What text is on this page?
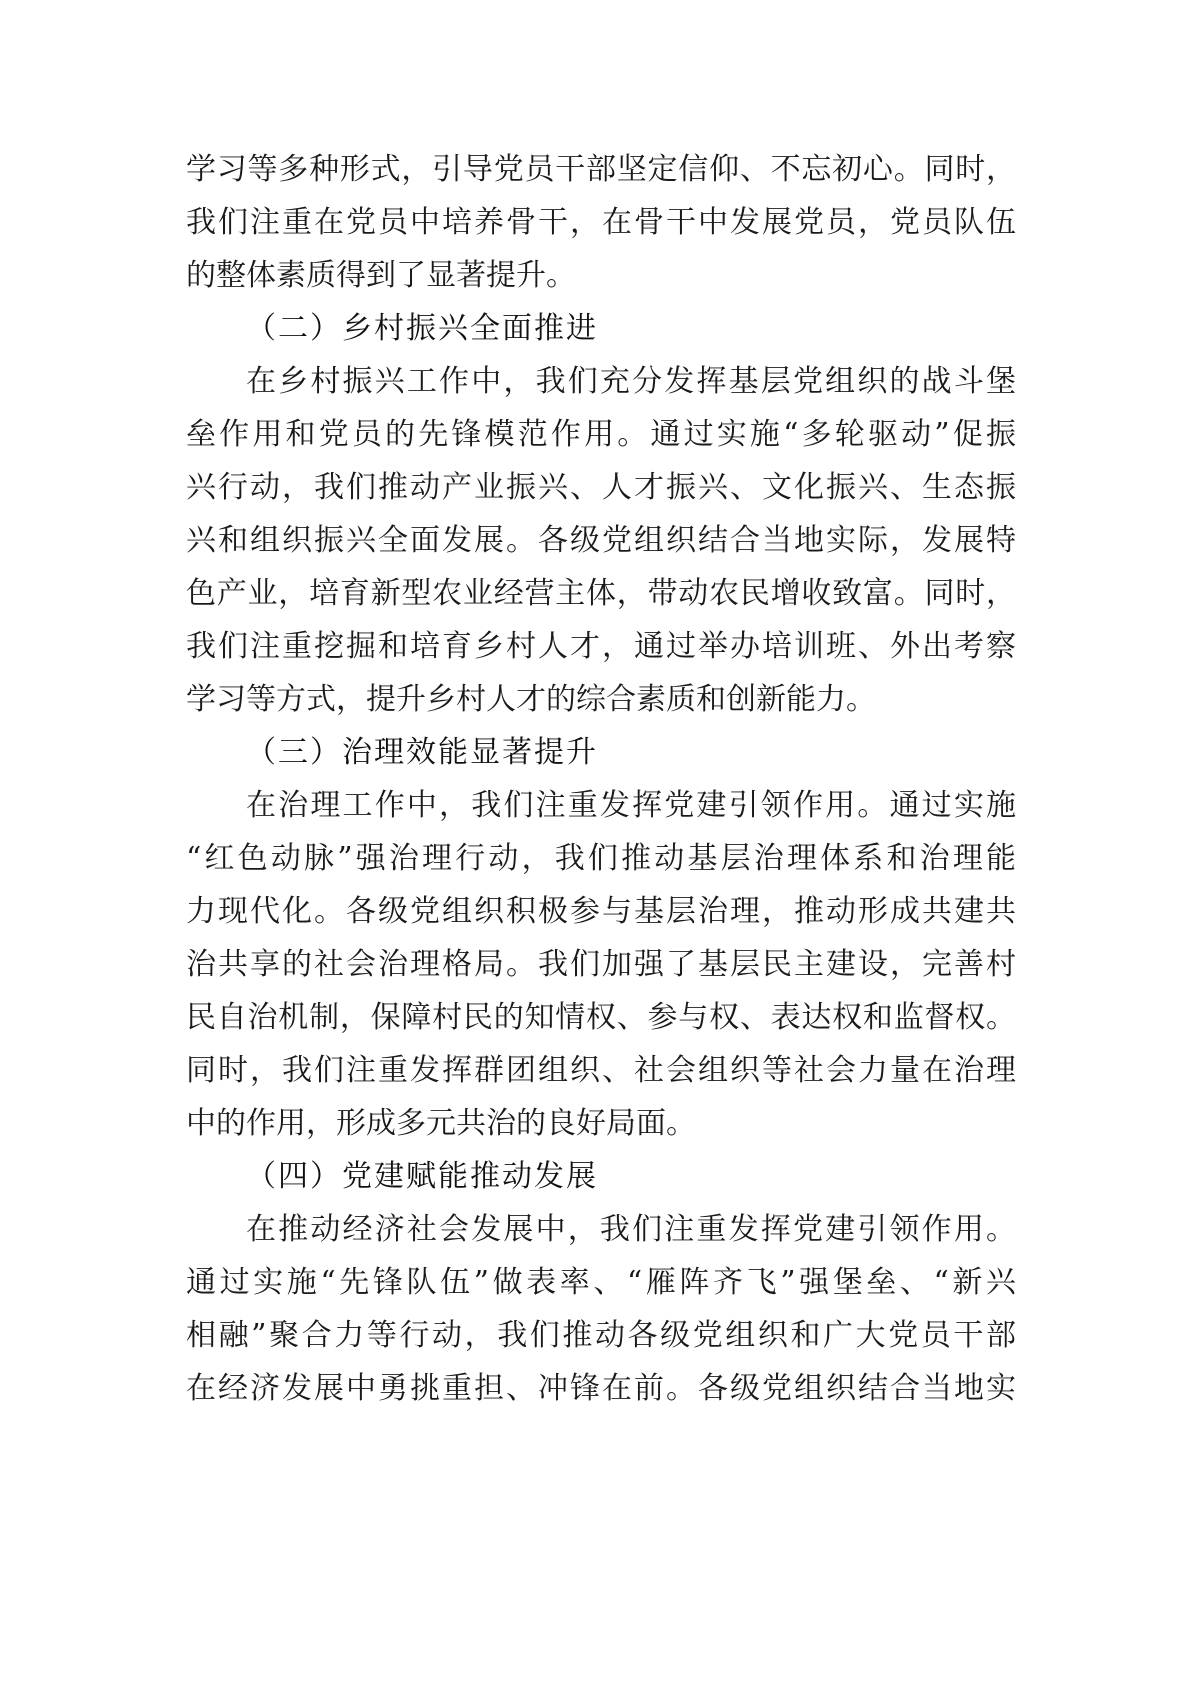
学习等多种形式，引导党员干部坚定信仰、不忘初心。同时，
我们注重在党员中培养骨干，在骨干中发展党员，党员队伍
的整体素质得到了显著提升。
（二）乡村振兴全面推进
在乡村振兴工作中，我们充分发挥基层党组织的战斗堡
垒作用和党员的先锋模范作用。通过实施“多轮驱动”促振
兴行动，我们推动产业振兴、人才振兴、文化振兴、生态振
兴和组织振兴全面发展。各级党组织结合当地实际，发展特
色产业，培育新型农业经营主体，带动农民增收致富。同时，
我们注重挖掘和培育乡村人才，通过举办培训班、外出考察
学习等方式，提升乡村人才的综合素质和创新能力。
（三）治理效能显著提升
在治理工作中，我们注重发挥党建引领作用。通过实施
“红色动脉”强治理行动，我们推动基层治理体系和治理能
力现代化。各级党组织积极参与基层治理，推动形成共建共
治共享的社会治理格局。我们加强了基层民主建设，完善村
民自治机制，保障村民的知情权、参与权、表达权和监督权。
同时，我们注重发挥群团组织、社会组织等社会力量在治理
中的作用，形成多元共治的良好局面。
（四）党建赋能推动发展
在推动经济社会发展中，我们注重发挥党建引领作用。
通过实施“先锋队伍”做表率、“雁阵齐飞”强堡垒、“新兴
相融”聚合力等行动，我们推动各级党组织和广大党员干部
在经济发展中勇挑重担、冲锋在前。各级党组织结合当地实
